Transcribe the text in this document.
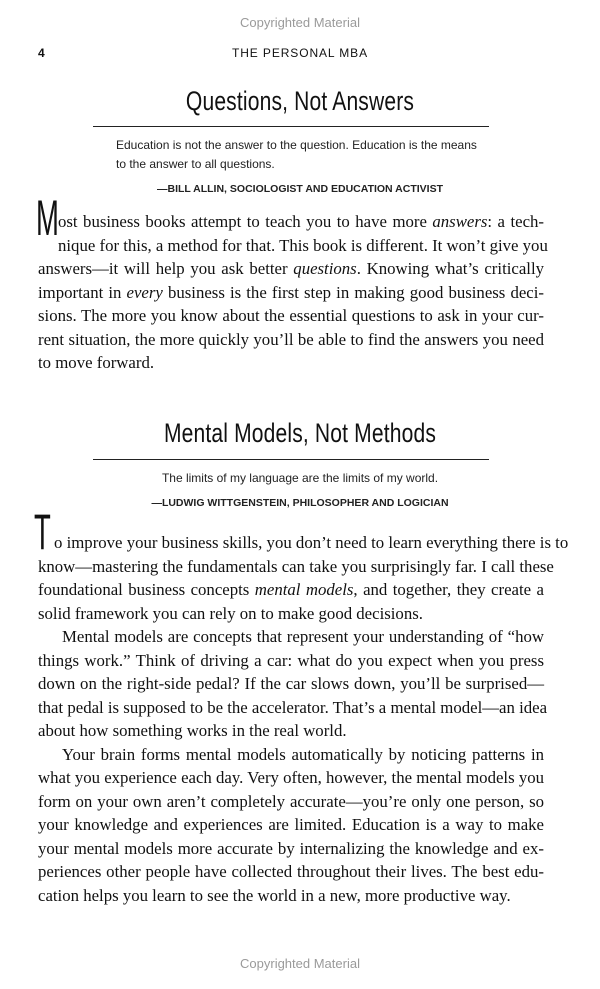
Copyrighted Material
4	THE PERSONAL MBA
Questions, Not Answers
Education is not the answer to the question. Education is the means
to the answer to all questions.
—BILL ALLIN, SOCIOLOGIST AND EDUCATION ACTIVIST
M ost business books attempt to teach you to have more answers: a tech-
nique for this, a method for that. This book is different. It won’t give you
answers—it will help you ask better questions. Knowing what’s critically
important in every business is the first step in making good business deci-
sions. The more you know about the essential questions to ask in your cur-
rent situation, the more quickly you’ll be able to find the answers you need
to move forward.
Mental Models, Not Methods
The limits of my language are the limits of my world.
—LUDWIG WITTGENSTEIN, PHILOSOPHER AND LOGICIAN
T o improve your business skills, you don’t need to learn everything there is to
know—mastering the fundamentals can take you surprisingly far. I call these
foundational business concepts mental models, and together, they create a
solid framework you can rely on to make good decisions.
Mental models are concepts that represent your understanding of “how
things work.” Think of driving a car: what do you expect when you press
down on the right-side pedal? If the car slows down, you’ll be surprised—
that pedal is supposed to be the accelerator. That’s a mental model—an idea
about how something works in the real world.
Your brain forms mental models automatically by noticing patterns in
what you experience each day. Very often, however, the mental models you
form on your own aren’t completely accurate—you’re only one person, so
your knowledge and experiences are limited. Education is a way to make
your mental models more accurate by internalizing the knowledge and ex-
periences other people have collected throughout their lives. The best edu-
cation helps you learn to see the world in a new, more productive way.
Copyrighted Material
